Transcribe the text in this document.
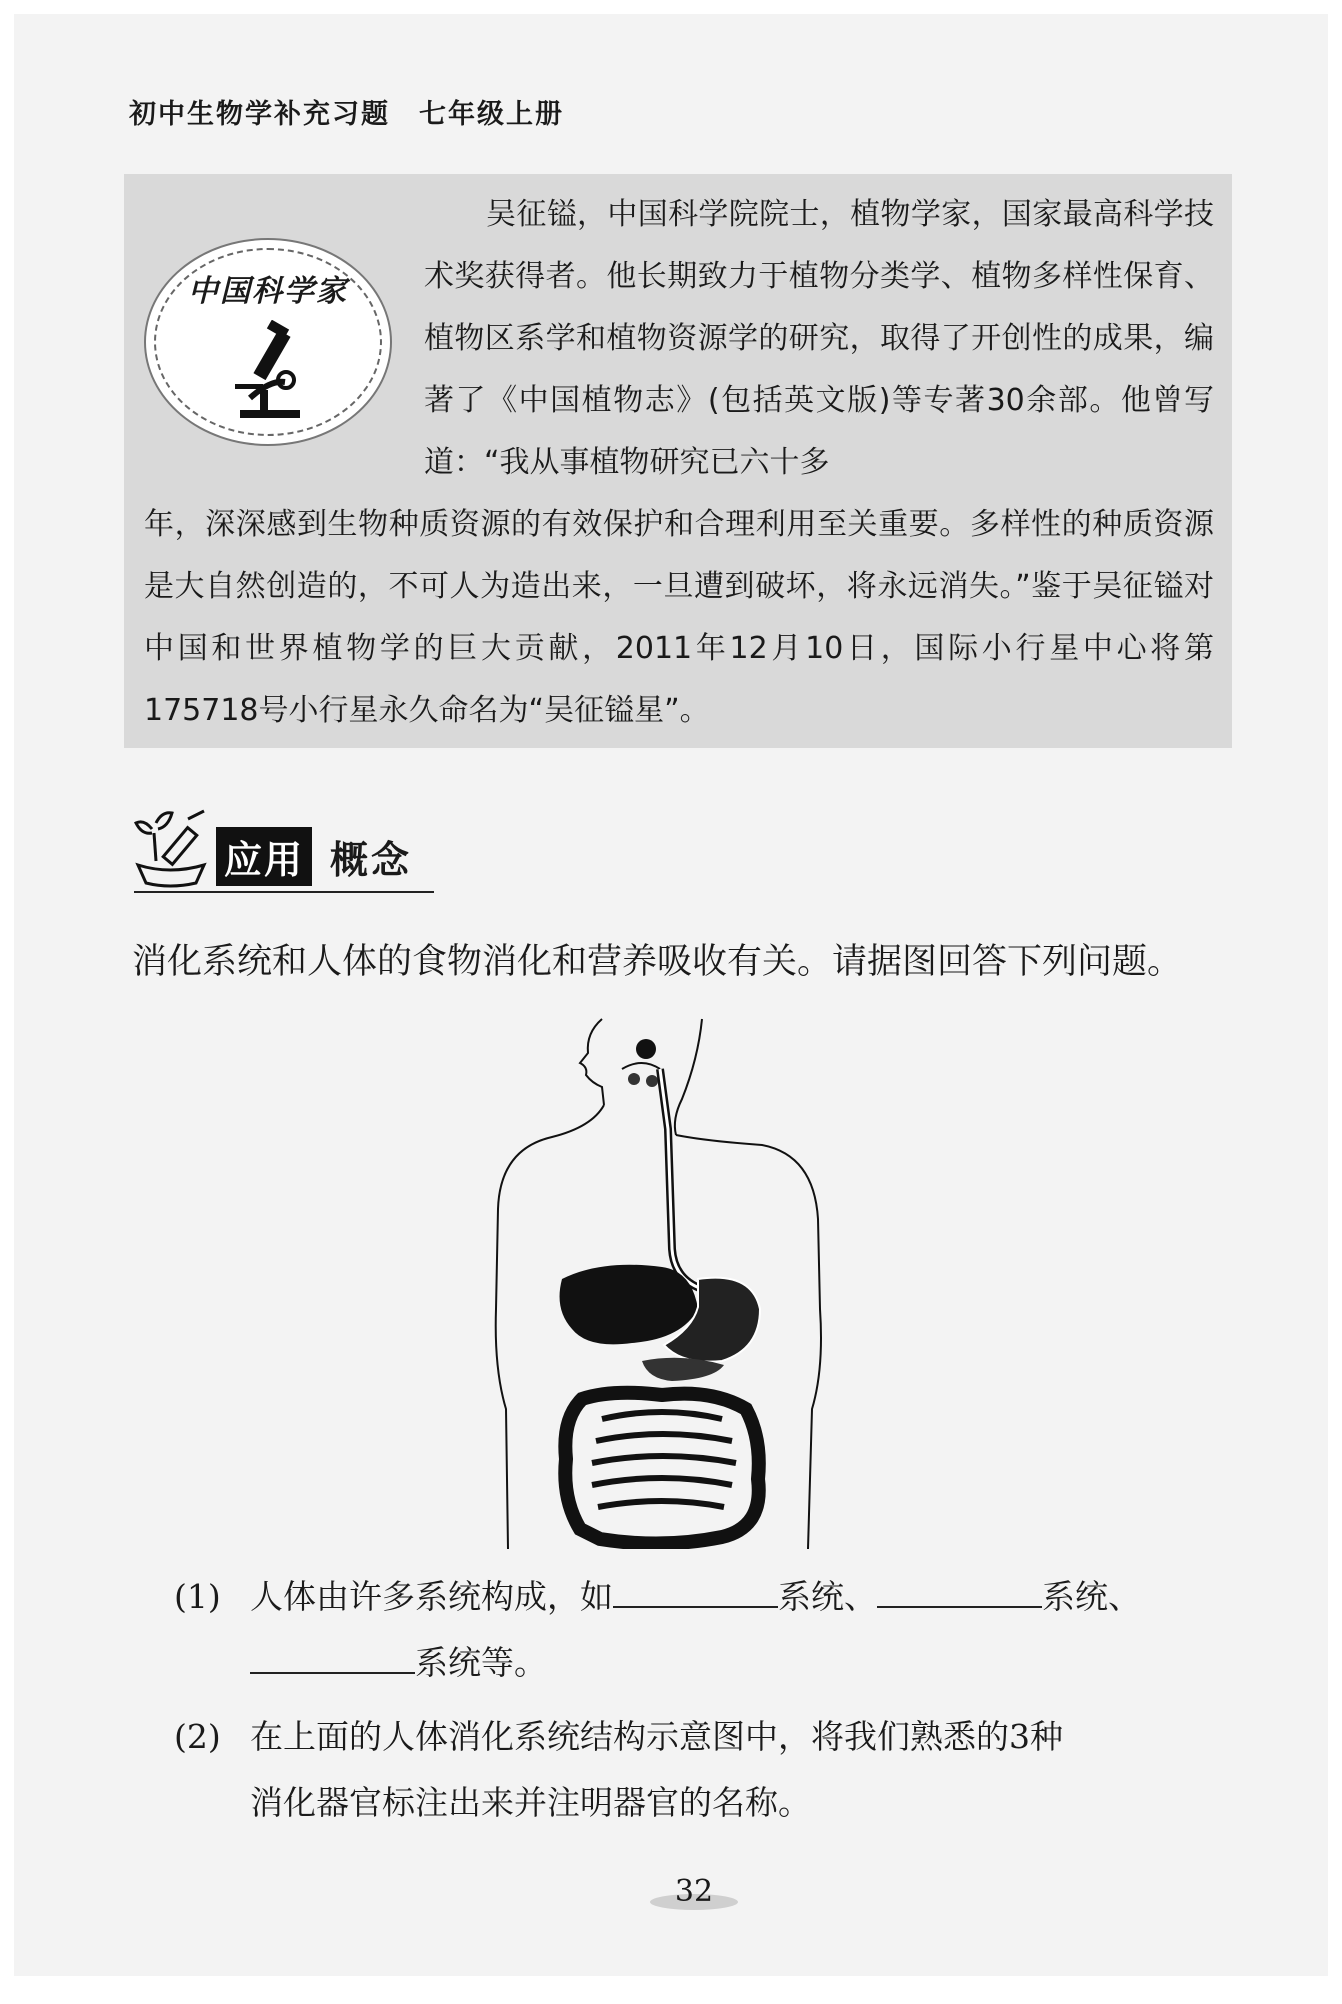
初中生物学补充习题　七年级上册
中国科学家
吴征镒，中国科学院院士，植物学家，国家最高科学技术奖获得者。他长期致力于植物分类学、植物多样性保育、植物区系学和植物资源学的研究，取得了开创性的成果，编著了《中国植物志》(包括英文版)等专著30余部。他曾写道：“我从事植物研究已六十多
年，深深感到生物种质资源的有效保护和合理利用至关重要。多样性的种质资源是大自然创造的，不可人为造出来，一旦遭到破坏，将永远消失。”鉴于吴征镒对中国和世界植物学的巨大贡献，2011年12月10日，国际小行星中心将第175718号小行星永久命名为“吴征镒星”。
应用 概念
消化系统和人体的食物消化和营养吸收有关。请据图回答下列问题。
(1) 人体由许多系统构成，如	系统、	系统、
系统等。
(2) 在上面的人体消化系统结构示意图中，将我们熟悉的3种
消化器官标注出来并注明器官的名称。
32
